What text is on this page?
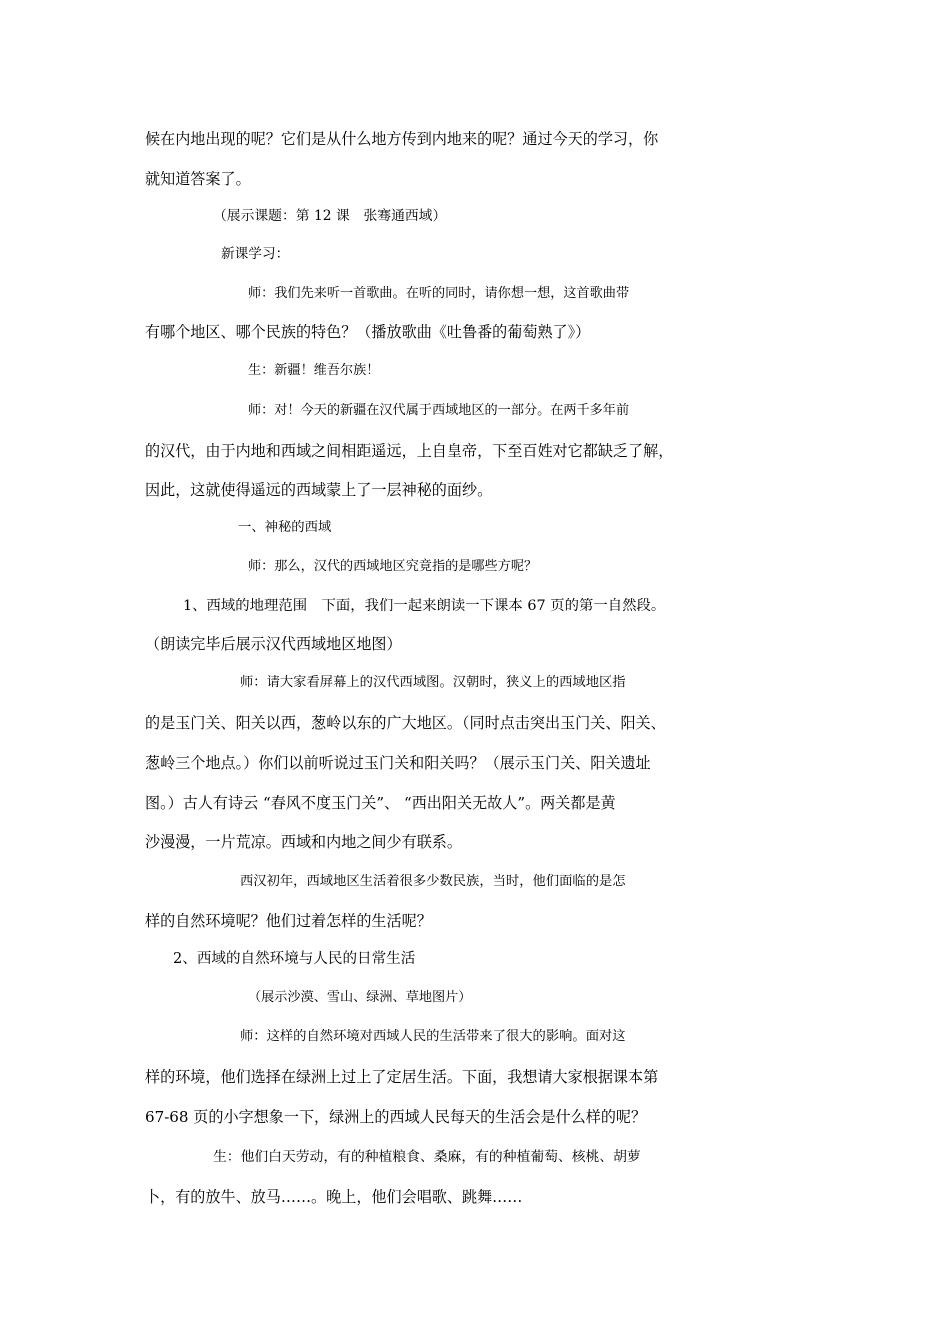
候在内地出现的呢？它们是从什么地方传到内地来的呢？通过今天的学习，你
就知道答案了。
（展示课题：第 12 课　张骞通西域）
新课学习：
师：我们先来听一首歌曲。在听的同时，请你想一想，这首歌曲带
有哪个地区、哪个民族的特色？（播放歌曲《吐鲁番的葡萄熟了》）
生：新疆！维吾尔族！
师：对！今天的新疆在汉代属于西域地区的一部分。在两千多年前
的汉代，由于内地和西域之间相距遥远，上自皇帝，下至百姓对它都缺乏了解，
因此，这就使得遥远的西域蒙上了一层神秘的面纱。
一、神秘的西域
师：那么，汉代的西域地区究竟指的是哪些方呢？
1、西域的地理范围　下面，我们一起来朗读一下课本 67 页的第一自然段。
（朗读完毕后展示汉代西域地区地图）
师：请大家看屏幕上的汉代西域图。汉朝时，狭义上的西域地区指
的是玉门关、阳关以西，葱岭以东的广大地区。（同时点击突出玉门关、阳关、
葱岭三个地点。）你们以前听说过玉门关和阳关吗？（展示玉门关、阳关遗址
图。）古人有诗云 “春风不度玉门关”、 “西出阳关无故人”。两关都是黄
沙漫漫，一片荒凉。西域和内地之间少有联系。
西汉初年，西域地区生活着很多少数民族，当时，他们面临的是怎
样的自然环境呢？他们过着怎样的生活呢？
2、西域的自然环境与人民的日常生活
（展示沙漠、雪山、绿洲、草地图片）
师：这样的自然环境对西域人民的生活带来了很大的影响。面对这
样的环境，他们选择在绿洲上过上了定居生活。下面，我想请大家根据课本第
67-68 页的小字想象一下，绿洲上的西域人民每天的生活会是什么样的呢？
生：他们白天劳动，有的种植粮食、桑麻，有的种植葡萄、核桃、胡萝
卜，有的放牛、放马……。晚上，他们会唱歌、跳舞……
